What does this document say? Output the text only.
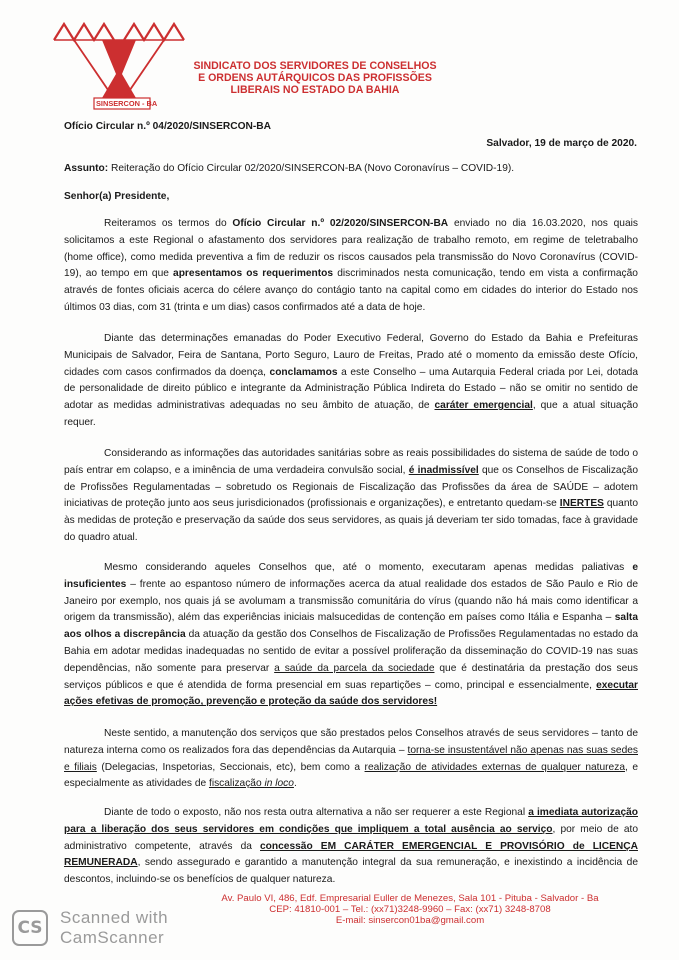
SINSERCON - BA
SINDICATO DOS SERVIDORES DE CONSELHOS
E ORDENS AUTÁRQUICOS DAS PROFISSÕES
LIBERAIS NO ESTADO DA BAHIA
Ofício Circular n.º 04/2020/SINSERCON-BA
Salvador, 19 de março de 2020.
Assunto: Reiteração do Ofício Circular 02/2020/SINSERCON-BA (Novo Coronavírus – COVID-19).
Senhor(a) Presidente,
Reiteramos os termos do Ofício Circular n.º 02/2020/SINSERCON-BA enviado no dia 16.03.2020, nos quais solicitamos a este Regional o afastamento dos servidores para realização de trabalho remoto, em regime de teletrabalho (home office), como medida preventiva a fim de reduzir os riscos causados pela transmissão do Novo Coronavírus (COVID-19), ao tempo em que apresentamos os requerimentos discriminados nesta comunicação, tendo em vista a confirmação através de fontes oficiais acerca do célere avanço do contágio tanto na capital como em cidades do interior do Estado nos últimos 03 dias, com 31 (trinta e um dias) casos confirmados até a data de hoje.
Diante das determinações emanadas do Poder Executivo Federal, Governo do Estado da Bahia e Prefeituras Municipais de Salvador, Feira de Santana, Porto Seguro, Lauro de Freitas, Prado até o momento da emissão deste Ofício, cidades com casos confirmados da doença, conclamamos a este Conselho – uma Autarquia Federal criada por Lei, dotada de personalidade de direito público e integrante da Administração Pública Indireta do Estado – não se omitir no sentido de adotar as medidas administrativas adequadas no seu âmbito de atuação, de caráter emergencial, que a atual situação requer.
Considerando as informações das autoridades sanitárias sobre as reais possibilidades do sistema de saúde de todo o país entrar em colapso, e a iminência de uma verdadeira convulsão social, é inadmissível que os Conselhos de Fiscalização de Profissões Regulamentadas – sobretudo os Regionais de Fiscalização das Profissões da área de SAÚDE – adotem iniciativas de proteção junto aos seus jurisdicionados (profissionais e organizações), e entretanto quedam-se INERTES quanto às medidas de proteção e preservação da saúde dos seus servidores, as quais já deveriam ter sido tomadas, face à gravidade do quadro atual.
Mesmo considerando aqueles Conselhos que, até o momento, executaram apenas medidas paliativas e insuficientes – frente ao espantoso número de informações acerca da atual realidade dos estados de São Paulo e Rio de Janeiro por exemplo, nos quais já se avolumam a transmissão comunitária do vírus (quando não há mais como identificar a origem da transmissão), além das experiências iniciais malsucedidas de contenção em países como Itália e Espanha – salta aos olhos a discrepância da atuação da gestão dos Conselhos de Fiscalização de Profissões Regulamentadas no estado da Bahia em adotar medidas inadequadas no sentido de evitar a possível proliferação da disseminação do COVID-19 nas suas dependências, não somente para preservar a saúde da parcela da sociedade que é destinatária da prestação dos seus serviços públicos e que é atendida de forma presencial em suas repartições – como, principal e essencialmente, executar ações efetivas de promoção, prevenção e proteção da saúde dos servidores!
Neste sentido, a manutenção dos serviços que são prestados pelos Conselhos através de seus servidores – tanto de natureza interna como os realizados fora das dependências da Autarquia – torna-se insustentável não apenas nas suas sedes e filiais (Delegacias, Inspetorias, Seccionais, etc), bem como a realização de atividades externas de qualquer natureza, e especialmente as atividades de fiscalização in loco.
Diante de todo o exposto, não nos resta outra alternativa a não ser requerer a este Regional a imediata autorização para a liberação dos seus servidores em condições que impliquem a total ausência ao serviço, por meio de ato administrativo competente, através da concessão EM CARÁTER EMERGENCIAL E PROVISÓRIO de LICENÇA REMUNERADA, sendo assegurado e garantido a manutenção integral da sua remuneração, e inexistindo a incidência de descontos, incluindo-se os benefícios de qualquer natureza.
Av. Paulo VI, 486, Edf. Empresarial Euller de Menezes, Sala 101 - Pituba - Salvador - Ba
CEP: 41810-001 – Tel.: (xx71)3248-9960 – Fax: (xx71) 3248-8708
E-mail: sinsercon01ba@gmail.com
CS
Scanned with
CamScanner
